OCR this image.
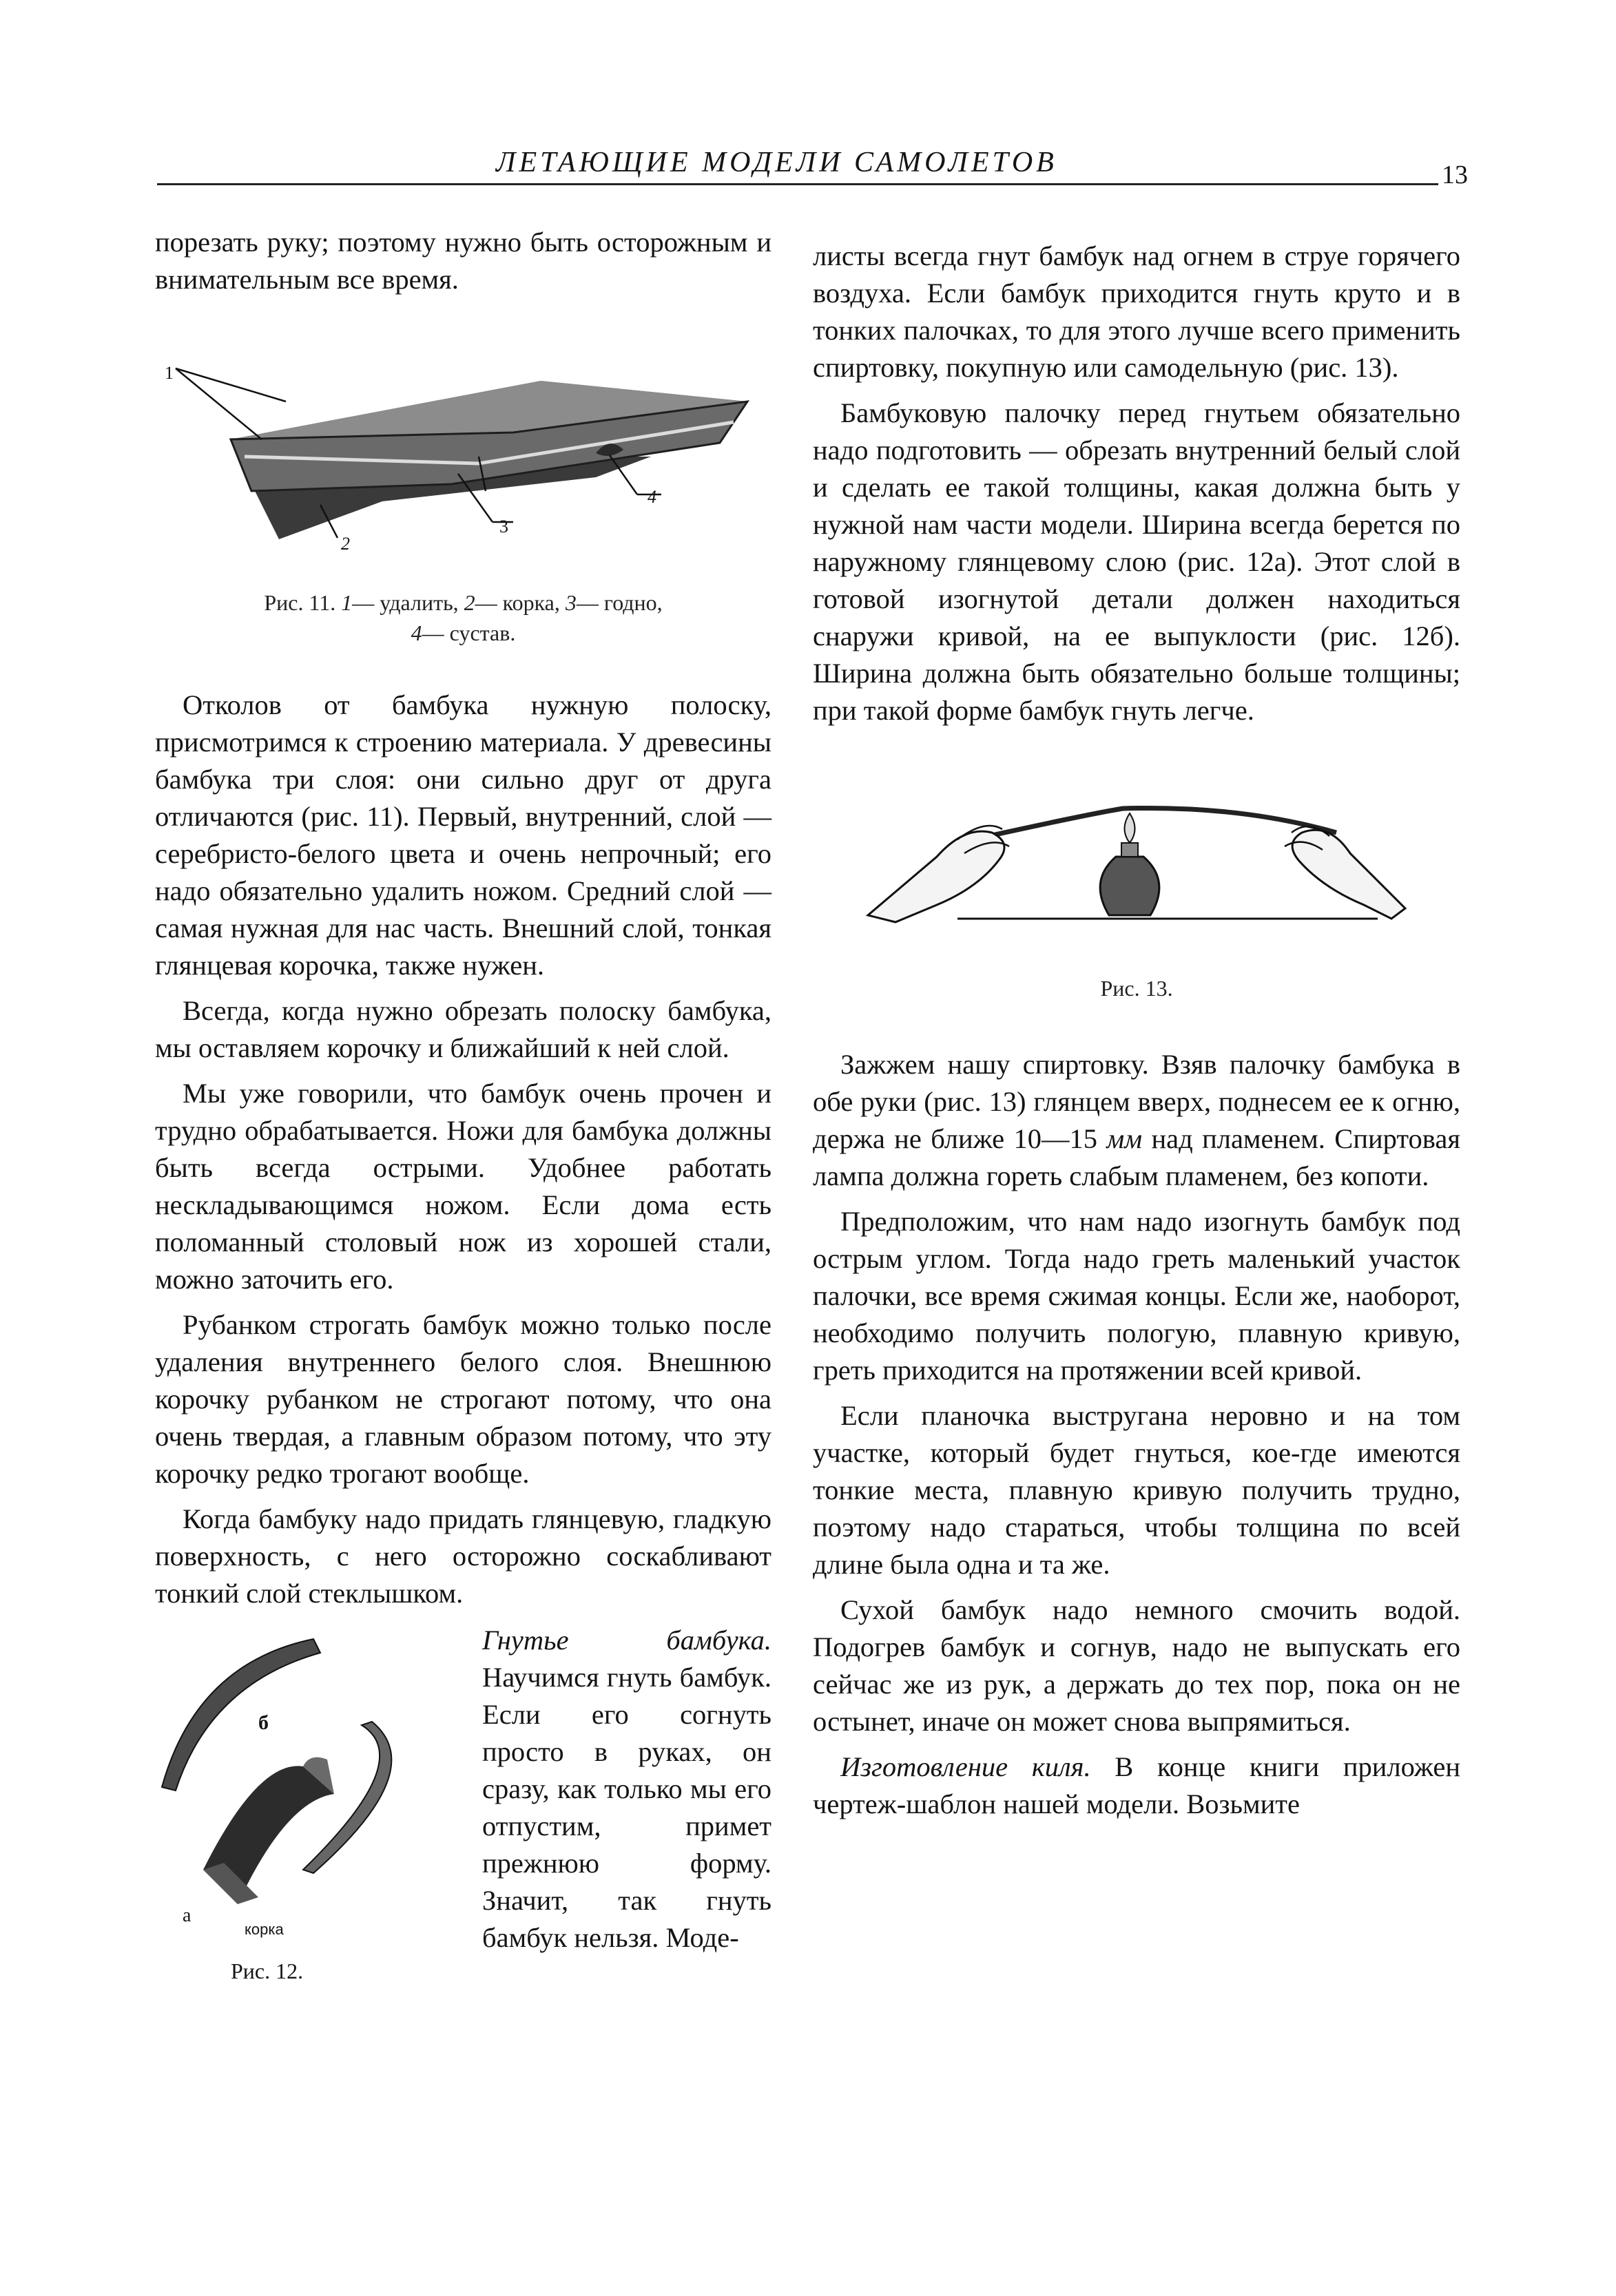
ЛЕТАЮЩИЕ МОДЕЛИ САМОЛЕТОВ	13

порезать руку; поэтому нужно быть осторожным и внимательным все время.

1
2
3
4
Рис. 11. 1— удалить, 2— корка, 3— годно,
4— сустав.

Отколов от бамбука нужную полоску, присмотримся к строению материала. У древесины бамбука три слоя: они сильно друг от друга отличаются (рис. 11). Первый, внутренний, слой — серебристо-белого цвета и очень непрочный; его надо обязательно удалить ножом. Средний слой — самая нужная для нас часть. Внешний слой, тонкая глянцевая корочка, также нужен.

Всегда, когда нужно обрезать полоску бамбука, мы оставляем корочку и ближайший к ней слой.

Мы уже говорили, что бамбук очень прочен и трудно обрабатывается. Ножи для бамбука должны быть всегда острыми. Удобнее работать нескладывающимся ножом. Если дома есть поломанный столовый нож из хорошей стали, можно заточить его.

Рубанком строгать бамбук можно только после удаления внутреннего белого слоя. Внешнюю корочку рубанком не строгают потому, что она очень твердая, а главным образом потому, что эту корочку редко трогают вообще.

Когда бамбуку надо придать глянцевую, гладкую поверхность, с него осторожно соскабливают тонкий слой стеклышком.

б
а
корка
Рис. 12.

Гнутье бамбука. Научимся гнуть бамбук. Если его согнуть просто в руках, он сразу, как только мы его отпустим, примет прежнюю форму. Значит, так гнуть бамбук нельзя. Моде-

листы всегда гнут бамбук над огнем в струе горячего воздуха. Если бамбук приходится гнуть круто и в тонких палочках, то для этого лучше всего применить спиртовку, покупную или самодельную (рис. 13).

Бамбуковую палочку перед гнутьем обязательно надо подготовить — обрезать внутренний белый слой и сделать ее такой толщины, какая должна быть у нужной нам части модели. Ширина всегда берется по наружному глянцевому слою (рис. 12а). Этот слой в готовой изогнутой детали должен находиться снаружи кривой, на ее выпуклости (рис. 12б). Ширина должна быть обязательно больше толщины; при такой форме бамбук гнуть легче.

Рис. 13.

Зажжем нашу спиртовку. Взяв палочку бамбука в обе руки (рис. 13) глянцем вверх, поднесем ее к огню, держа не ближе 10—15 мм над пламенем. Спиртовая лампа должна гореть слабым пламенем, без копоти.

Предположим, что нам надо изогнуть бамбук под острым углом. Тогда надо греть маленький участок палочки, все время сжимая концы. Если же, наоборот, необходимо получить пологую, плавную кривую, греть приходится на протяжении всей кривой.

Если планочка выстругана неровно и на том участке, который будет гнуться, кое-где имеются тонкие места, плавную кривую получить трудно, поэтому надо стараться, чтобы толщина по всей длине была одна и та же.

Сухой бамбук надо немного смочить водой. Подогрев бамбук и согнув, надо не выпускать его сейчас же из рук, а держать до тех пор, пока он не остынет, иначе он может снова выпрямиться.

Изготовление киля. В конце книги приложен чертеж-шаблон нашей модели. Возьмите
